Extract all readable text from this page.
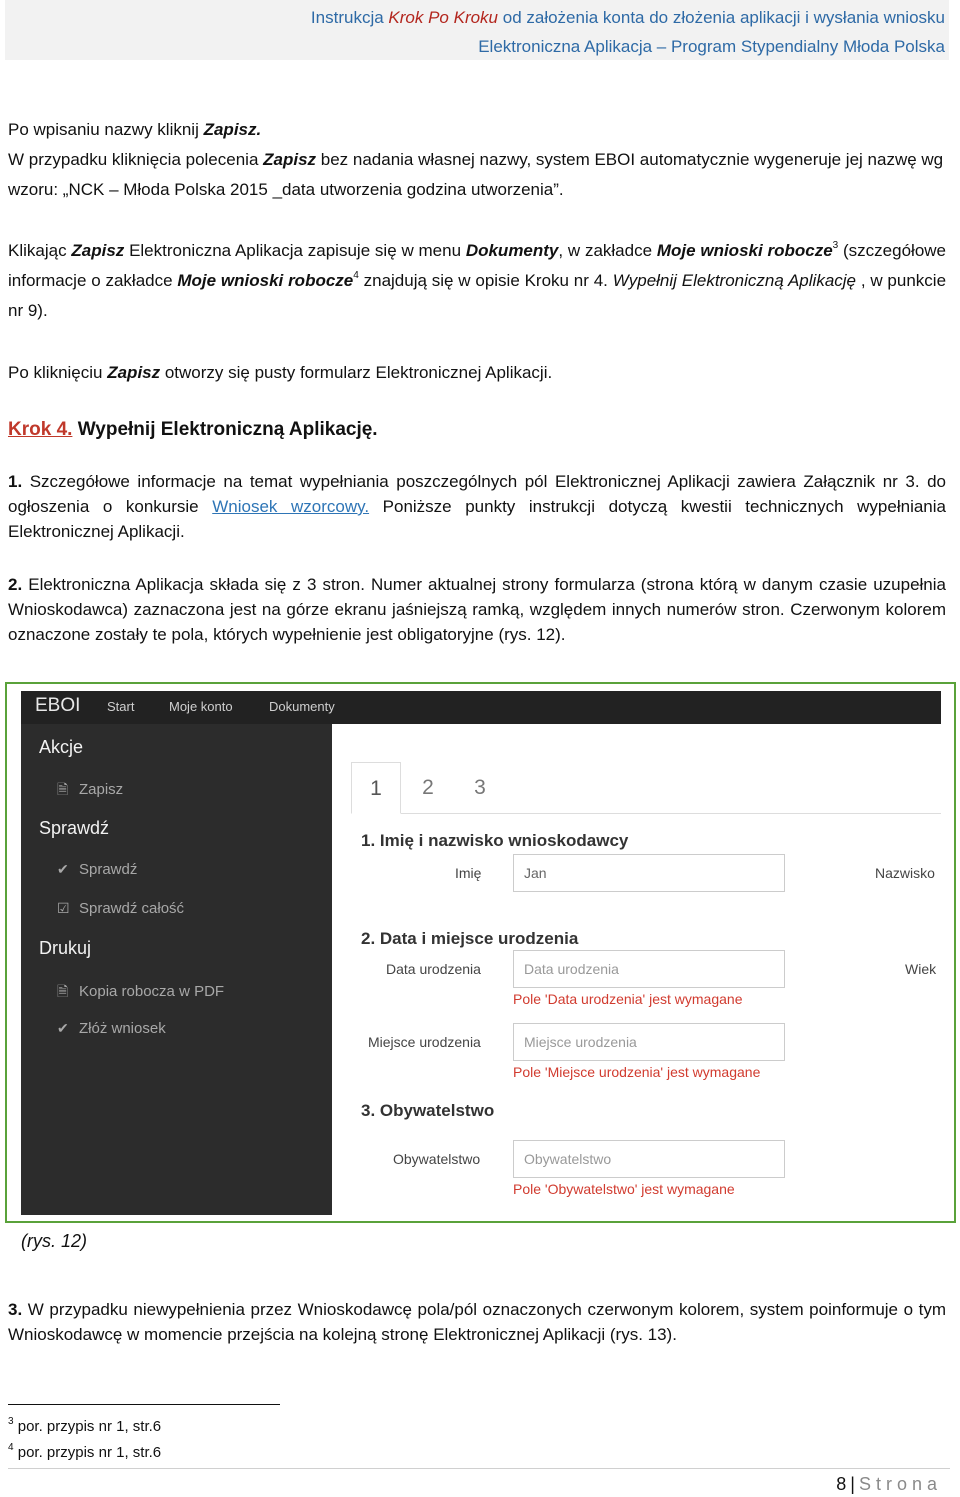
Instrukcja Krok Po Kroku od założenia konta do złożenia aplikacji i wysłania wniosku
Elektroniczna Aplikacja – Program Stypendialny Młoda Polska
Po wpisaniu nazwy kliknij Zapisz.
W przypadku kliknięcia polecenia Zapisz bez nadania własnej nazwy, system EBOI automatycznie wygeneruje jej nazwę wg wzoru: „NCK – Młoda Polska 2015 _data utworzenia godzina utworzenia”.
Klikając Zapisz Elektroniczna Aplikacja zapisuje się w menu Dokumenty, w zakładce Moje wnioski robocze$^3$ (szczegółowe informacje o zakładce Moje wnioski robocze$^4$ znajdują się w opisie Kroku nr 4. Wypełnij Elektroniczną Aplikację , w punkcie nr 9).
Po kliknięciu Zapisz otworzy się pusty formularz Elektronicznej Aplikacji.
Krok 4. Wypełnij Elektroniczną Aplikację.
1. Szczegółowe informacje na temat wypełniania poszczególnych pól Elektronicznej Aplikacji zawiera Załącznik nr 3. do ogłoszenia o konkursie Wniosek wzorcowy. Poniższe punkty instrukcji dotyczą kwestii technicznych wypełniania Elektronicznej Aplikacji.
2. Elektroniczna Aplikacja składa się z 3 stron. Numer aktualnej strony formularza (strona którą w danym czasie uzupełnia Wnioskodawca) zaznaczona jest na górze ekranu jaśniejszą ramką, względem innych numerów stron. Czerwonym kolorem oznaczone zostały te pola, których wypełnienie jest obligatoryjne (rys. 12).
EBOI Start	Moje konto	Dokumenty
Akcje
🗎 Zapisz
Sprawdź
✔ Sprawdź
☑ Sprawdź całość
Drukuj
🗎 Kopia robocza w PDF
✔ Złóż wniosek
1	2	3
1. Imię i nazwisko wnioskodawcy
Imię	Jan	Nazwisko
2. Data i miejsce urodzenia
Data urodzenia	Data urodzenia
Pole 'Data urodzenia' jest wymagane
Wiek
Miejsce urodzenia	Miejsce urodzenia
Pole 'Miejsce urodzenia' jest wymagane
3. Obywatelstwo
Obywatelstwo	Obywatelstwo
Pole 'Obywatelstwo' jest wymagane
(rys. 12)
3. W przypadku niewypełnienia przez Wnioskodawcę pola/pól oznaczonych czerwonym kolorem, system poinformuje o tym Wnioskodawcę w momencie przejścia na kolejną stronę Elektronicznej Aplikacji (rys. 13).
$^3$ por. przypis nr 1, str.6
$^4$ por. przypis nr 1, str.6
8 | Strona
